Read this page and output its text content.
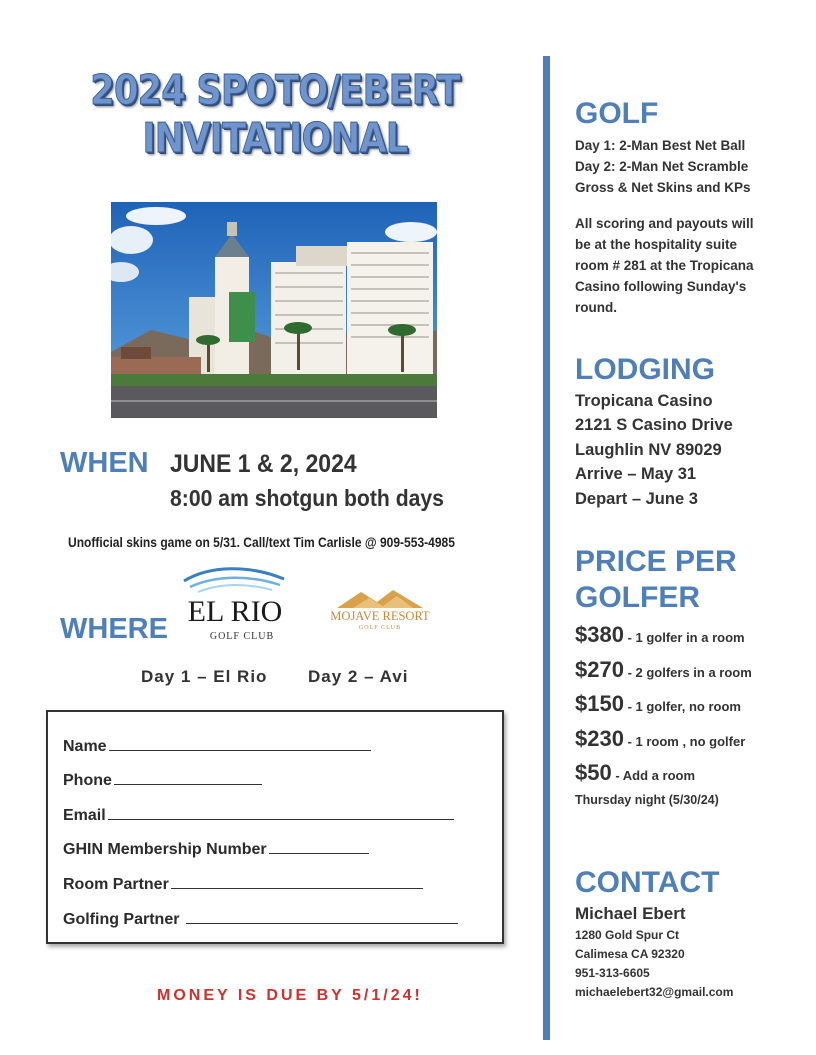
2024 SPOTO/EBERT
INVITATIONAL
WHEN JUNE 1 & 2, 2024
8:00 am shotgun both days
Unofficial skins game on 5/31. Call/text Tim Carlisle @ 909-553-4985
WHERE
EL RIO
GOLF CLUB
MOJAVE RESORT
GOLF CLUB
Day 1 – El Rio Day 2 – Avi
Name
Phone
Email
GHIN Membership Number
Room Partner
Golfing Partner
MONEY IS DUE BY 5/1/24!
GOLF
Day 1: 2-Man Best Net Ball
Day 2: 2-Man Net Scramble
Gross & Net Skins and KPs
All scoring and payouts will
be at the hospitality suite
room # 281 at the Tropicana
Casino following Sunday's
round.
LODGING
Tropicana Casino
2121 S Casino Drive
Laughlin NV 89029
Arrive – May 31
Depart – June 3
PRICE PER
GOLFER
$380 - 1 golfer in a room
$270 - 2 golfers in a room
$150 - 1 golfer, no room
$230 - 1 room , no golfer
$50 - Add a room
Thursday night (5/30/24)
CONTACT
Michael Ebert
1280 Gold Spur Ct
Calimesa CA 92320
951-313-6605
michaelebert32@gmail.com
